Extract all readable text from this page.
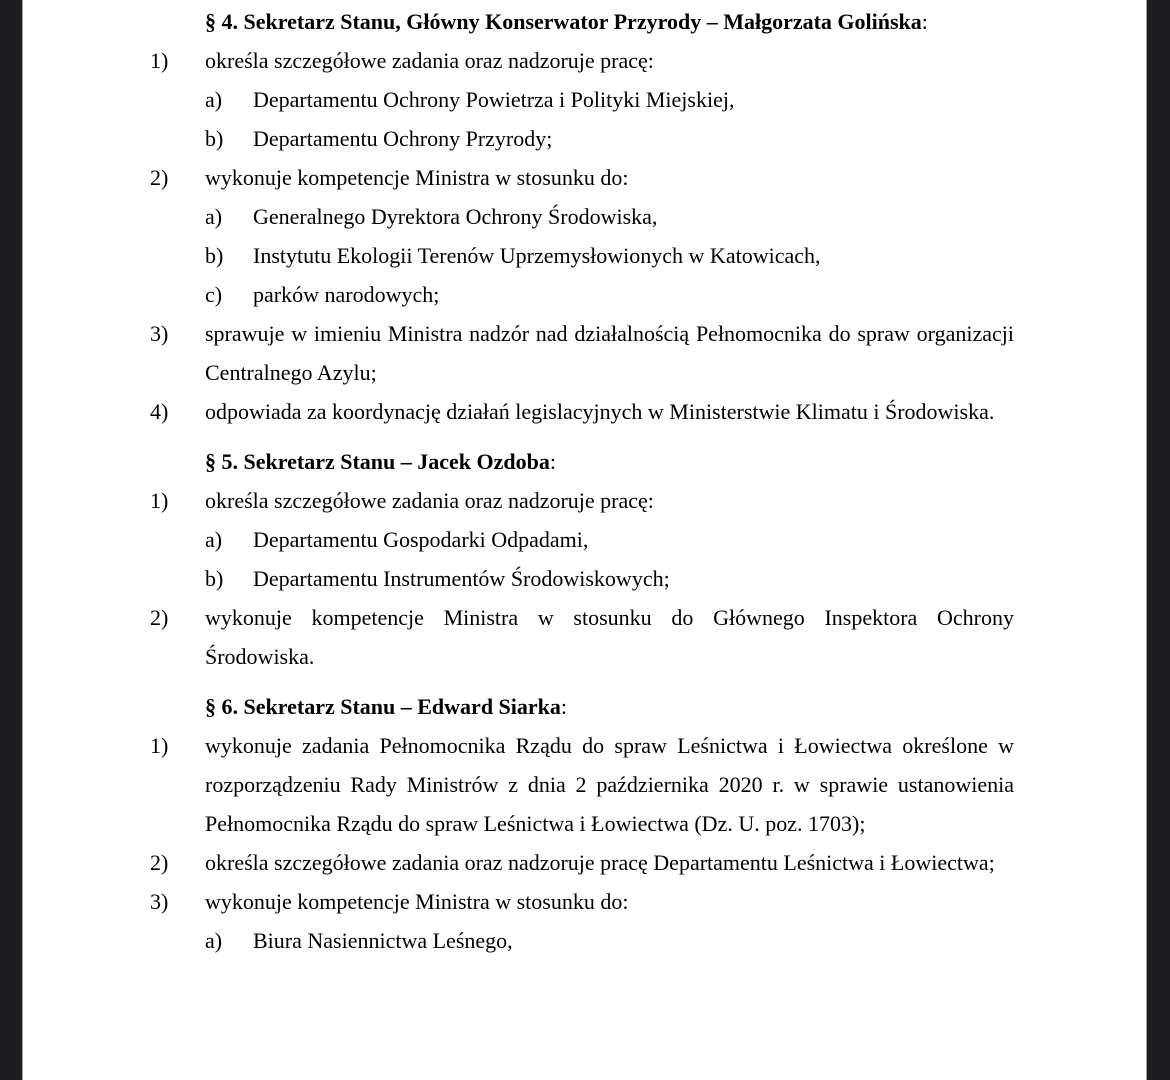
§ 4. Sekretarz Stanu, Główny Konserwator Przyrody – Małgorzata Golińska:
1) określa szczegółowe zadania oraz nadzoruje pracę:
a) Departamentu Ochrony Powietrza i Polityki Miejskiej,
b) Departamentu Ochrony Przyrody;
2) wykonuje kompetencje Ministra w stosunku do:
a) Generalnego Dyrektora Ochrony Środowiska,
b) Instytutu Ekologii Terenów Uprzemysłowionych w Katowicach,
c) parków narodowych;
3) sprawuje w imieniu Ministra nadzór nad działalnością Pełnomocnika do spraw organizacji Centralnego Azylu;
4) odpowiada za koordynację działań legislacyjnych w Ministerstwie Klimatu i Środowiska.
§ 5. Sekretarz Stanu – Jacek Ozdoba:
1) określa szczegółowe zadania oraz nadzoruje pracę:
a) Departamentu Gospodarki Odpadami,
b) Departamentu Instrumentów Środowiskowych;
2) wykonuje kompetencje Ministra w stosunku do Głównego Inspektora Ochrony Środowiska.
§ 6. Sekretarz Stanu – Edward Siarka:
1) wykonuje zadania Pełnomocnika Rządu do spraw Leśnictwa i Łowiectwa określone w rozporządzeniu Rady Ministrów z dnia 2 października 2020 r. w sprawie ustanowienia Pełnomocnika Rządu do spraw Leśnictwa i Łowiectwa (Dz. U. poz. 1703);
2) określa szczegółowe zadania oraz nadzoruje pracę Departamentu Leśnictwa i Łowiectwa;
3) wykonuje kompetencje Ministra w stosunku do:
a) Biura Nasiennictwa Leśnego,
